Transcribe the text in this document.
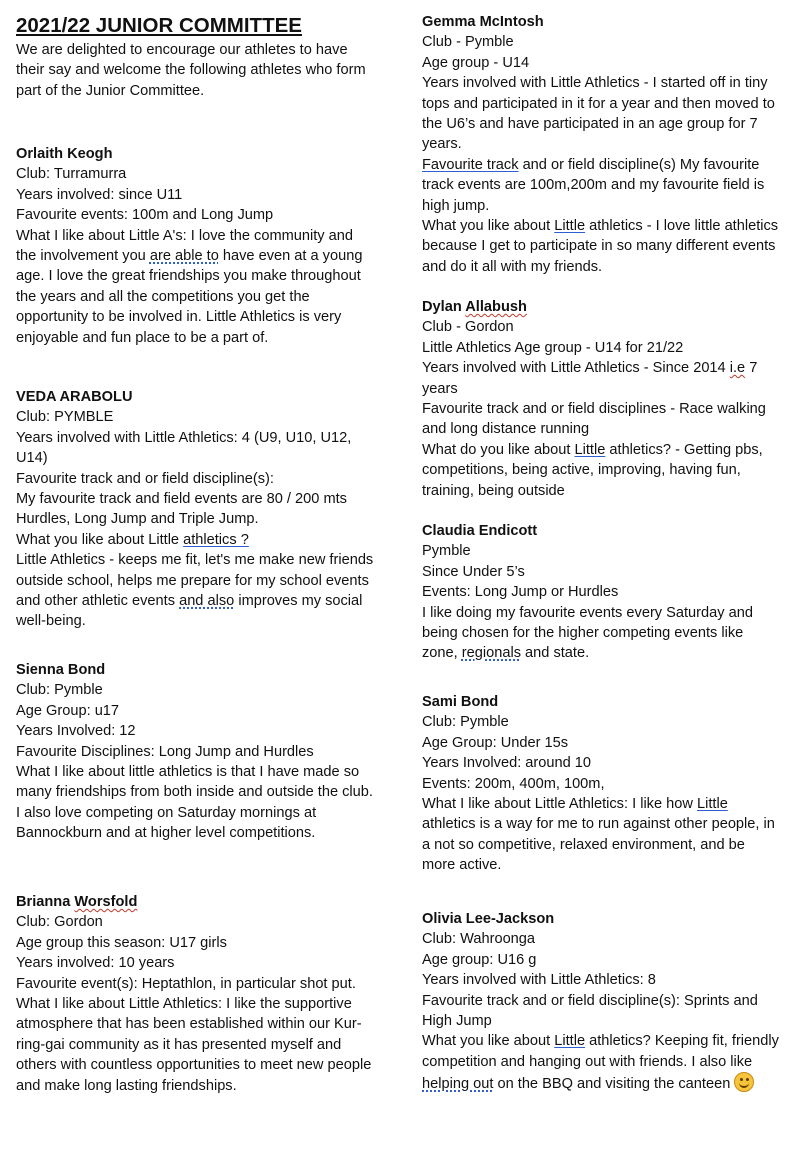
2021/22 JUNIOR COMMITTEE

We are delighted to encourage our athletes to have their say and welcome the following athletes who form part of the Junior Committee.

Orlaith Keogh

Club: Turramurra

Years involved: since U11

Favourite events: 100m and Long Jump

What I like about Little A's: I love the community and the involvement you are able to have even at a young age. I love the great friendships you make throughout the years and all the competitions you get the opportunity to be involved in. Little Athletics is very enjoyable and fun place to be a part of.

VEDA ARABOLU

Club: PYMBLE

Years involved with Little Athletics: 4 (U9, U10, U12, U14)

Favourite track and or field discipline(s):

My favourite track and field events are 80 / 200 mts Hurdles, Long Jump and Triple Jump.

What you like about Little athletics ?

Little Athletics - keeps me fit, let's me make new friends outside school, helps me prepare for my school events and other athletic events and also improves my social well-being.

Sienna Bond

Club: Pymble

Age Group: u17

Years Involved: 12

Favourite Disciplines: Long Jump and Hurdles

What I like about little athletics is that I have made so many friendships from both inside and outside the club. I also love competing on Saturday mornings at Bannockburn and at higher level competitions.

Brianna Worsfold

Club: Gordon

Age group this season: U17 girls

Years involved: 10 years

Favourite event(s): Heptathlon, in particular shot put.

What I like about Little Athletics: I like the supportive atmosphere that has been established within our Kur-ring-gai community as it has presented myself and others with countless opportunities to meet new people and make long lasting friendships.

Gemma McIntosh

Club - Pymble

Age group - U14

Years involved with Little Athletics - I started off in tiny tops and participated in it for a year and then moved to the U6’s and have participated in an age group for 7 years.

Favourite track and or field discipline(s) My favourite track events are 100m,200m and my favourite field is high jump.

What you like about Little athletics - I love little athletics because I get to participate in so many different events and do it all with my friends.

Dylan Allabush

Club - Gordon

Little Athletics Age group - U14 for 21/22

Years involved with Little Athletics - Since 2014 i.e 7 years

Favourite track and or field disciplines - Race walking and long distance running

What do you like about Little athletics? - Getting pbs, competitions, being active, improving, having fun, training, being outside

Claudia Endicott

Pymble

Since Under 5’s

Events: Long Jump or Hurdles

I like doing my favourite events every Saturday and being chosen for the higher competing events like zone, regionals and state.

Sami Bond

Club: Pymble

Age Group: Under 15s

Years Involved: around 10

Events: 200m, 400m, 100m,

What I like about Little Athletics: I like how Little athletics is a way for me to run against other people, in a not so competitive, relaxed environment, and be more active.

Olivia Lee-Jackson

Club: Wahroonga

Age group: U16 g

Years involved with Little Athletics: 8

Favourite track and or field discipline(s): Sprints and High Jump

What you like about Little athletics? Keeping fit, friendly competition and hanging out with friends. I also like helping out on the BBQ and visiting the canteen
